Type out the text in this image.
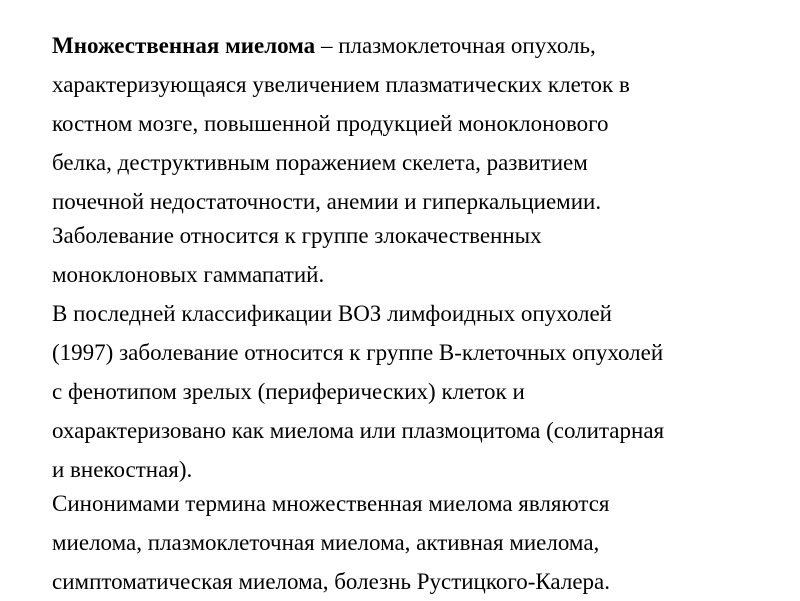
Множественная миелома – плазмоклеточная опухоль,
характеризующаяся увеличением плазматических клеток в
костном мозге, повышенной продукцией моноклонового
белка, деструктивным поражением скелета, развитием
почечной недостаточности, анемии и гиперкальциемии.
Заболевание относится к группе злокачественных
моноклоновых гаммапатий.
В последней классификации ВОЗ лимфоидных опухолей
(1997) заболевание относится к группе В-клеточных опухолей
с фенотипом зрелых (периферических) клеток и
охарактеризовано как миелома или плазмоцитома (солитарная
и внекостная).
Синонимами термина множественная миелома являются
миелома, плазмоклеточная миелома, активная миелома,
симптоматическая миелома, болезнь Рустицкого-Калера.
